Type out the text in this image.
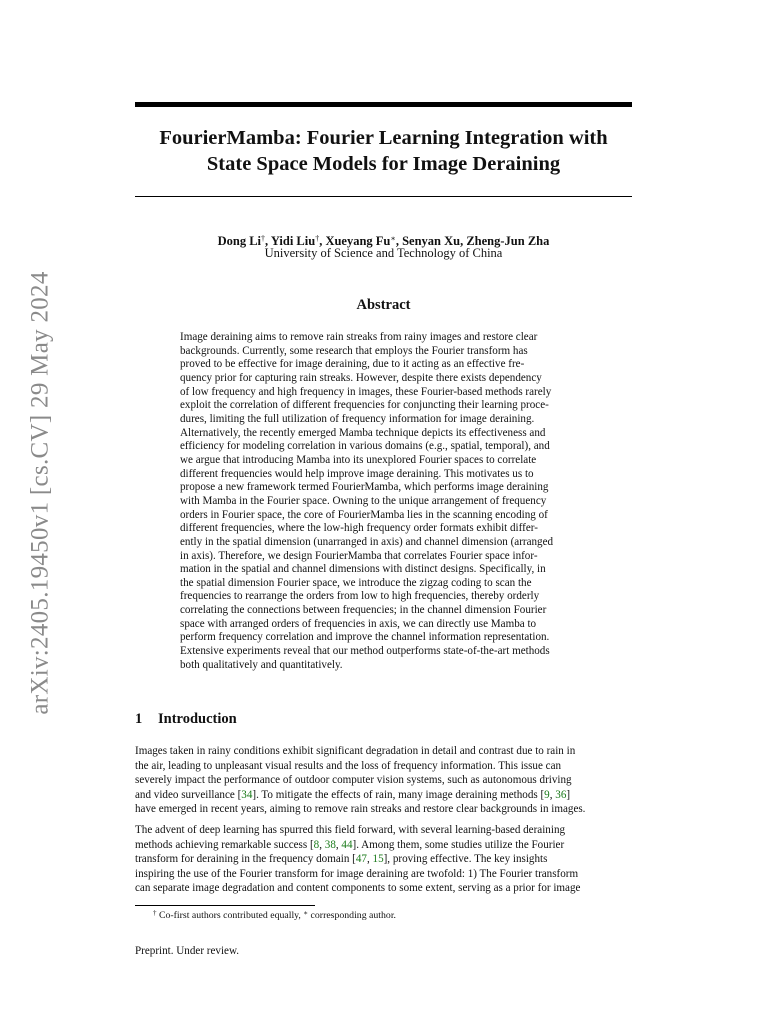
arXiv:2405.19450v1 [cs.CV] 29 May 2024
FourierMamba: Fourier Learning Integration with
State Space Models for Image Deraining
Dong Li†, Yidi Liu†, Xueyang Fu∗, Senyan Xu, Zheng-Jun Zha
University of Science and Technology of China
Abstract
Image deraining aims to remove rain streaks from rainy images and restore clear
backgrounds. Currently, some research that employs the Fourier transform has
proved to be effective for image deraining, due to it acting as an effective fre-
quency prior for capturing rain streaks. However, despite there exists dependency
of low frequency and high frequency in images, these Fourier-based methods rarely
exploit the correlation of different frequencies for conjuncting their learning proce-
dures, limiting the full utilization of frequency information for image deraining.
Alternatively, the recently emerged Mamba technique depicts its effectiveness and
efficiency for modeling correlation in various domains (e.g., spatial, temporal), and
we argue that introducing Mamba into its unexplored Fourier spaces to correlate
different frequencies would help improve image deraining. This motivates us to
propose a new framework termed FourierMamba, which performs image deraining
with Mamba in the Fourier space. Owning to the unique arrangement of frequency
orders in Fourier space, the core of FourierMamba lies in the scanning encoding of
different frequencies, where the low-high frequency order formats exhibit differ-
ently in the spatial dimension (unarranged in axis) and channel dimension (arranged
in axis). Therefore, we design FourierMamba that correlates Fourier space infor-
mation in the spatial and channel dimensions with distinct designs. Specifically, in
the spatial dimension Fourier space, we introduce the zigzag coding to scan the
frequencies to rearrange the orders from low to high frequencies, thereby orderly
correlating the connections between frequencies; in the channel dimension Fourier
space with arranged orders of frequencies in axis, we can directly use Mamba to
perform frequency correlation and improve the channel information representation.
Extensive experiments reveal that our method outperforms state-of-the-art methods
both qualitatively and quantitatively.
1 Introduction
Images taken in rainy conditions exhibit significant degradation in detail and contrast due to rain in
the air, leading to unpleasant visual results and the loss of frequency information. This issue can
severely impact the performance of outdoor computer vision systems, such as autonomous driving
and video surveillance [34]. To mitigate the effects of rain, many image deraining methods [9, 36]
have emerged in recent years, aiming to remove rain streaks and restore clear backgrounds in images.
The advent of deep learning has spurred this field forward, with several learning-based deraining
methods achieving remarkable success [8, 38, 44]. Among them, some studies utilize the Fourier
transform for deraining in the frequency domain [47, 15], proving effective. The key insights
inspiring the use of the Fourier transform for image deraining are twofold: 1) The Fourier transform
can separate image degradation and content components to some extent, serving as a prior for image
† Co-first authors contributed equally, ∗ corresponding author.
Preprint. Under review.
